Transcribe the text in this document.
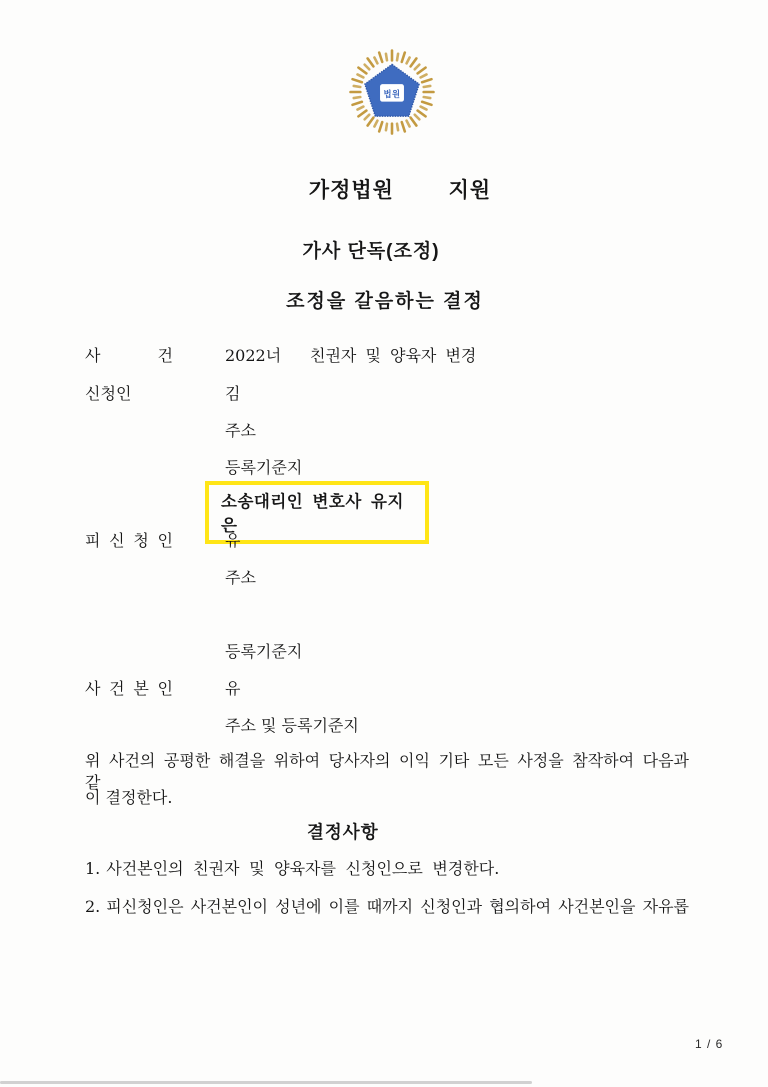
법원
가정법원        지원
가사 단독(조정)
조정을 갈음하는 결정
사	건	2022너 친권자 및 양육자 변경
신청인	김
주소
등록기준지
소송대리인 변호사 유지은
피 신 청 인	유
주소
등록기준지
사 건 본 인	유
주소 및 등록기준지
위 사건의 공평한 해결을 위하여 당사자의 이익 기타 모든 사정을 참작하여 다음과 같
이 결정한다.
결정사항
1. 사건본인의 친권자 및 양육자를 신청인으로 변경한다.
2. 피신청인은 사건본인이 성년에 이를 때까지 신청인과 협의하여 사건본인을 자유롭
1 / 6
